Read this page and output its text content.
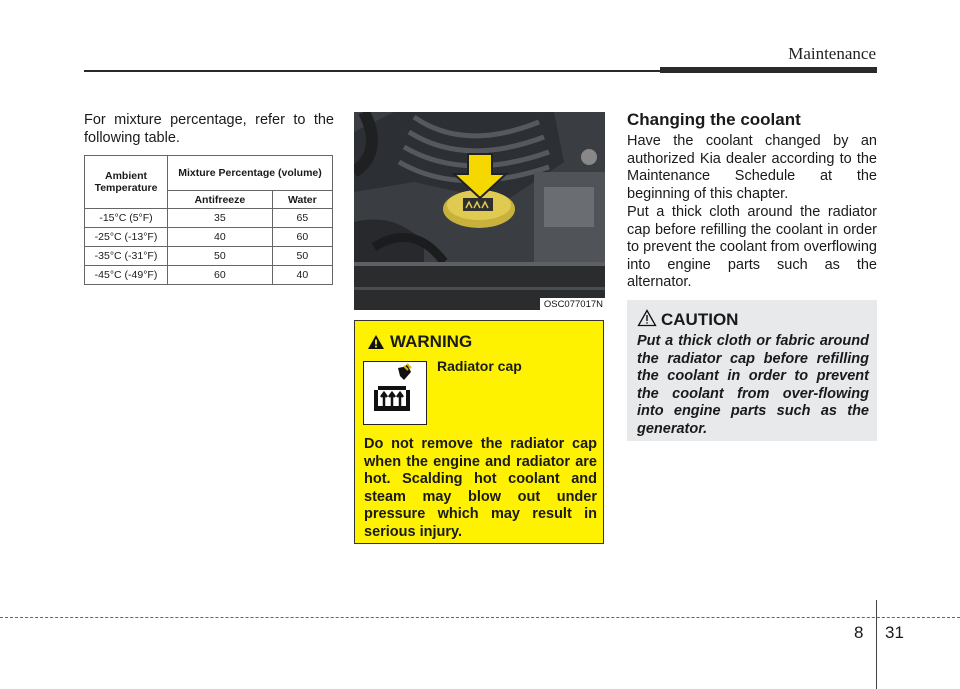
Maintenance
For mixture percentage, refer to the following table.
Ambient Temperature	Mixture Percentage (volume)	
	Antifreeze	Water
-15°C (5°F)	35	65
-25°C (-13°F)	40	60
-35°C (-31°F)	50	50
-45°C (-49°F)	60	40
OSC077017N
WARNING
Radiator cap
Do not remove the radiator cap when the engine and radiator are hot. Scalding hot coolant and steam may blow out under pressure which may result in serious injury.
Changing the coolant
Have the coolant changed by an authorized Kia dealer according to the Maintenance Schedule at the beginning of this chapter.
Put a thick cloth around the radiator cap before refilling the coolant in order to prevent the coolant from overflowing into engine parts such as the alternator.
CAUTION
Put a thick cloth or fabric around the radiator cap before refilling the coolant in order to prevent the coolant from over-flowing into engine parts such as the generator.
8 31
